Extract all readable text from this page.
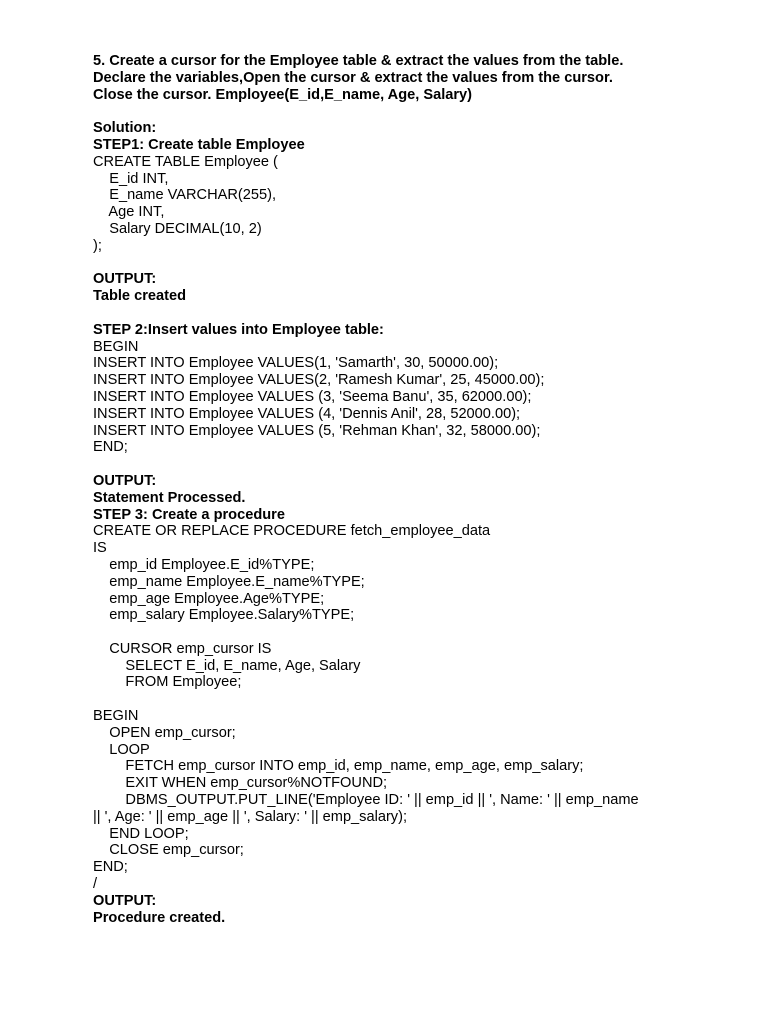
5. Create a cursor for the Employee table & extract the values from the table.
Declare the variables,Open the cursor & extract the values from the cursor.
Close the cursor. Employee(E_id,E_name, Age, Salary)
Solution:
STEP1: Create table Employee
CREATE TABLE Employee (
E_id INT,
E_name VARCHAR(255),
Age INT,
Salary DECIMAL(10, 2)
);
OUTPUT:
Table created
STEP 2:Insert values into Employee table:
BEGIN
INSERT INTO Employee VALUES(1, 'Samarth', 30, 50000.00);
INSERT INTO Employee VALUES(2, 'Ramesh Kumar', 25, 45000.00);
INSERT INTO Employee VALUES (3, 'Seema Banu', 35, 62000.00);
INSERT INTO Employee VALUES (4, 'Dennis Anil', 28, 52000.00);
INSERT INTO Employee VALUES (5, 'Rehman Khan', 32, 58000.00);
END;
OUTPUT:
Statement Processed.
STEP 3: Create a procedure
CREATE OR REPLACE PROCEDURE fetch_employee_data
IS
emp_id Employee.E_id%TYPE;
emp_name Employee.E_name%TYPE;
emp_age Employee.Age%TYPE;
emp_salary Employee.Salary%TYPE;
CURSOR emp_cursor IS
SELECT E_id, E_name, Age, Salary
FROM Employee;
BEGIN
OPEN emp_cursor;
LOOP
FETCH emp_cursor INTO emp_id, emp_name, emp_age, emp_salary;
EXIT WHEN emp_cursor%NOTFOUND;
DBMS_OUTPUT.PUT_LINE('Employee ID: ' || emp_id || ', Name: ' || emp_name
|| ', Age: ' || emp_age || ', Salary: ' || emp_salary);
END LOOP;
CLOSE emp_cursor;
END;
/
OUTPUT:
Procedure created.
